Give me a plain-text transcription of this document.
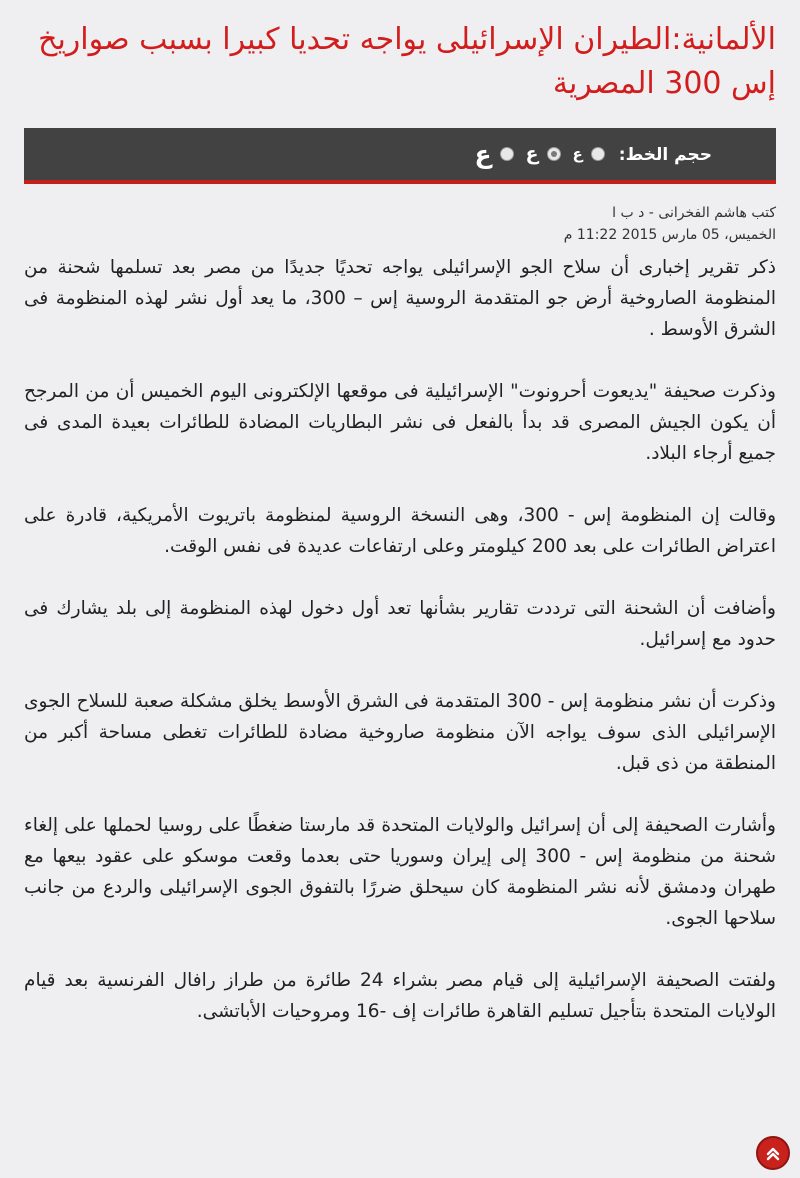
الألمانية:الطيران الإسرائيلى يواجه تحديا كبيرا بسبب صواريخ إس 300 المصرية
حجم الخط:
ع
ع
ع
كتب هاشم الفخرانى - د ب ا
الخميس، 05 مارس 2015 11:22 م

ذكر تقرير إخبارى أن سلاح الجو الإسرائيلى يواجه تحديًا جديدًا من مصر بعد تسلمها شحنة من المنظومة الصاروخية أرض جو المتقدمة الروسية إس – 300، ما يعد أول نشر لهذه المنظومة فى الشرق الأوسط .

وذكرت صحيفة "يديعوت أحرونوت" الإسرائيلية فى موقعها الإلكترونى اليوم الخميس أن من المرجح أن يكون الجيش المصرى قد بدأ بالفعل فى نشر البطاريات المضادة للطائرات بعيدة المدى فى جميع أرجاء البلاد.

وقالت إن المنظومة إس - 300، وهى النسخة الروسية لمنظومة باتريوت الأمريكية، قادرة على اعتراض الطائرات على بعد 200 كيلومتر وعلى ارتفاعات عديدة فى نفس الوقت.

وأضافت أن الشحنة التى ترددت تقارير بشأنها تعد أول دخول لهذه المنظومة إلى بلد يشارك فى حدود مع إسرائيل.

وذكرت أن نشر منظومة إس - 300 المتقدمة فى الشرق الأوسط يخلق مشكلة صعبة للسلاح الجوى الإسرائيلى الذى سوف يواجه الآن منظومة صاروخية مضادة للطائرات تغطى مساحة أكبر من المنطقة من ذى قبل.

وأشارت الصحيفة إلى أن إسرائيل والولايات المتحدة قد مارستا ضغطًا على روسيا لحملها على إلغاء شحنة من منظومة إس - 300 إلى إيران وسوريا حتى بعدما وقعت موسكو على عقود بيعها مع طهران ودمشق لأنه نشر المنظومة كان سيحلق ضررًا بالتفوق الجوى الإسرائيلى والردع من جانب سلاحها الجوى.

ولفتت الصحيفة الإسرائيلية إلى قيام مصر بشراء 24 طائرة من طراز رافال الفرنسية بعد قيام الولايات المتحدة بتأجيل تسليم القاهرة طائرات إف -16 ومروحيات الأباتشى.
